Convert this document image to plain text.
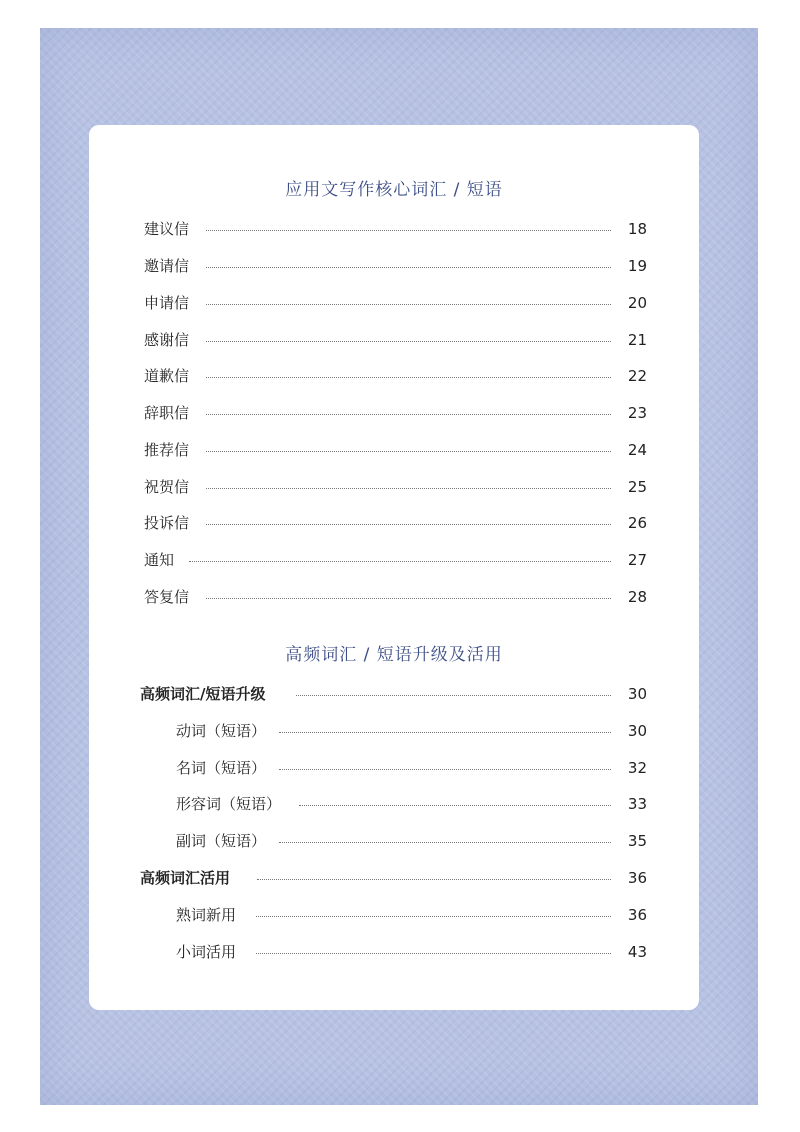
应用文写作核心词汇 / 短语
建议信	18
邀请信	19
申请信	20
感谢信	21
道歉信	22
辞职信	23
推荐信	24
祝贺信	25
投诉信	26
通知	27
答复信	28
高频词汇 / 短语升级及活用
高频词汇/短语升级	30
动词（短语）	30
名词（短语）	32
形容词（短语）	33
副词（短语）	35
高频词汇活用	36
熟词新用	36
小词活用	43
